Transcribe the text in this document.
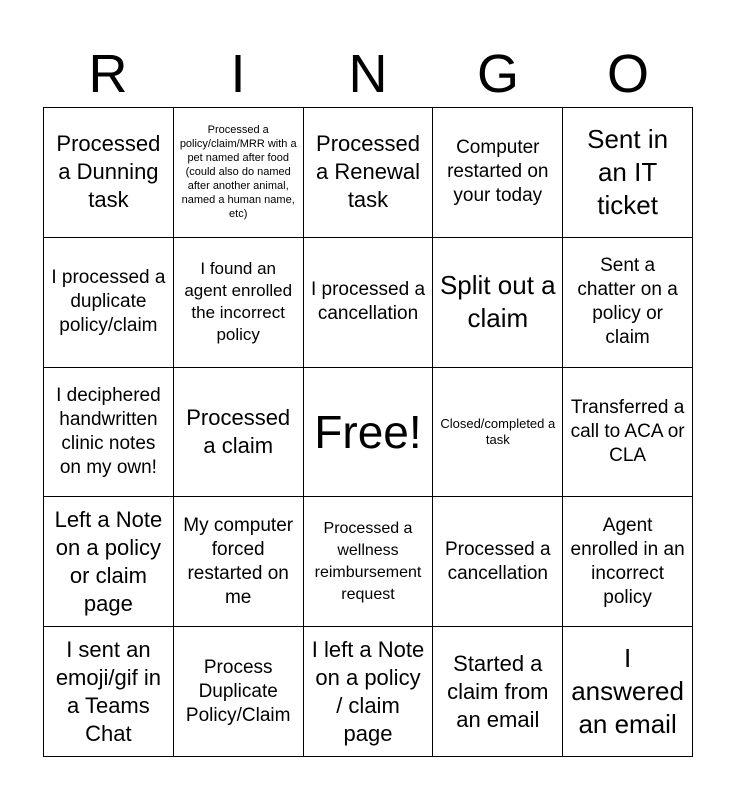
R	I	N	G	O
Processed a Dunning task
Processed a policy/claim/MRR with a pet named after food (could also do named after another animal, named a human name, etc)
Processed a Renewal task
Computer restarted on your today
Sent in an IT ticket
I processed a duplicate policy/claim
I found an agent enrolled the incorrect policy
I processed a cancellation
Split out a claim
Sent a chatter on a policy or claim
I deciphered handwritten clinic notes on my own!
Processed a claim Free! Closed/completed a task
Transferred a call to ACA or CLA
Left a Note on a policy or claim page
My computer forced restarted on me
Processed a wellness reimbursement request
Processed a cancellation
Agent enrolled in an incorrect policy
I sent an emoji/gif in a Teams Chat
Process Duplicate Policy/Claim
I left a Note on a policy / claim page
Started a claim from an email
I answered an email
